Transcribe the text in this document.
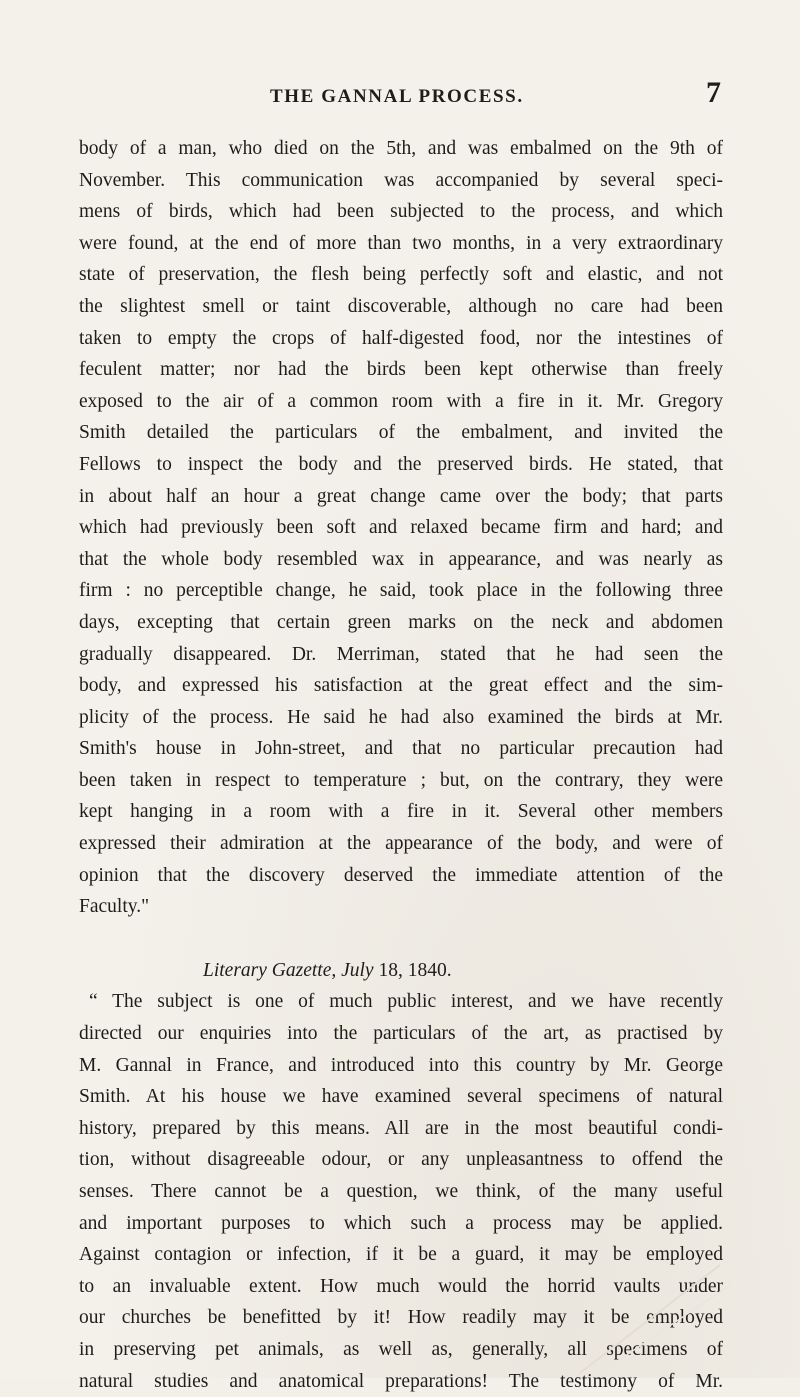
THE GANNAL PROCESS.	7
body of a man, who died on the 5th, and was embalmed on the 9th of
November. This communication was accompanied by several speci-
mens of birds, which had been subjected to the process, and which
were found, at the end of more than two months, in a very extraordinary
state of preservation, the flesh being perfectly soft and elastic, and not
the slightest smell or taint discoverable, although no care had been
taken to empty the crops of half-digested food, nor the intestines of
feculent matter; nor had the birds been kept otherwise than freely
exposed to the air of a common room with a fire in it. Mr. Gregory
Smith detailed the particulars of the embalment, and invited the
Fellows to inspect the body and the preserved birds. He stated, that
in about half an hour a great change came over the body; that parts
which had previously been soft and relaxed became firm and hard; and
that the whole body resembled wax in appearance, and was nearly as
firm : no perceptible change, he said, took place in the following three
days, excepting that certain green marks on the neck and abdomen
gradually disappeared. Dr. Merriman, stated that he had seen the
body, and expressed his satisfaction at the great effect and the sim-
plicity of the process. He said he had also examined the birds at Mr.
Smith's house in John-street, and that no particular precaution had
been taken in respect to temperature ; but, on the contrary, they were
kept hanging in a room with a fire in it. Several other members
expressed their admiration at the appearance of the body, and were of
opinion that the discovery deserved the immediate attention of the
Faculty."
Literary Gazette, July 18, 1840.
“ The subject is one of much public interest, and we have recently
directed our enquiries into the particulars of the art, as practised by
M. Gannal in France, and introduced into this country by Mr. George
Smith. At his house we have examined several specimens of natural
history, prepared by this means. All are in the most beautiful condi-
tion, without disagreeable odour, or any unpleasantness to offend the
senses. There cannot be a question, we think, of the many useful
and important purposes to which such a process may be applied.
Against contagion or infection, if it be a guard, it may be employed
to an invaluable extent. How much would the horrid vaults under
our churches be benefitted by it! How readily may it be employed
in preserving pet animals, as well as, generally, all specimens of
natural studies and anatomical preparations! The testimony of Mr.
